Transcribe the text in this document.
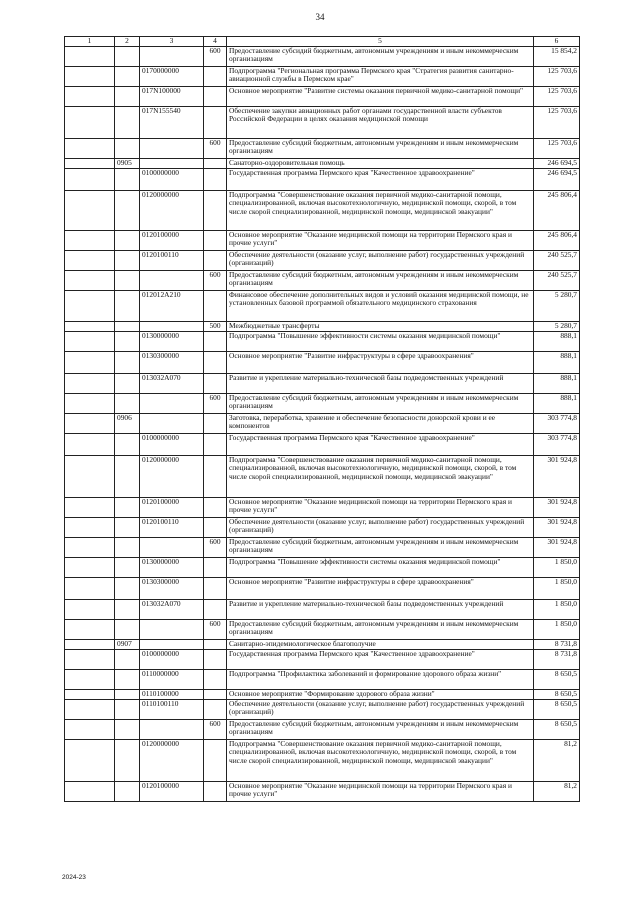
34
1	2	3	4	5	6
			600	Предоставление субсидий бюджетным, автономным учреждениям и иным некоммерческим организациям	15 854,2
		0170000000		Подпрограмма "Региональная программа Пермского края "Стратегия развития санитарно-авиационной службы в Пермском крае"	125 703,6
		017N100000		Основное мероприятие "Развитие системы оказания первичной медико-санитарной помощи"	125 703,6
		017N155540		Обеспечение закупки авиационных работ органами государственной власти субъектов Российской Федерации в целях оказания медицинской помощи	125 703,6
			600	Предоставление субсидий бюджетным, автономным учреждениям и иным некоммерческим организациям	125 703,6
	0905			Санаторно-оздоровительная помощь	246 694,5
		0100000000		Государственная программа Пермского края "Качественное здравоохранение"	246 694,5
		0120000000		Подпрограмма "Совершенствование оказания первичной медико-санитарной помощи, специализированной, включая высокотехнологичную, медицинской помощи, скорой, в том числе скорой специализированной, медицинской помощи, медицинской эвакуации"	245 806,4
		0120100000		Основное мероприятие "Оказание медицинской помощи на территории Пермского края и прочие услуги"	245 806,4
		0120100110		Обеспечение деятельности (оказание услуг, выполнение работ) государственных учреждений (организаций)	240 525,7
			600	Предоставление субсидий бюджетным, автономным учреждениям и иным некоммерческим организациям	240 525,7
		012012А210		Финансовое обеспечение дополнительных видов и условий оказания медицинской помощи, не установленных базовой программой обязательного медицинского страхования	5 280,7
			500	Межбюджетные трансферты	5 280,7
		0130000000		Подпрограмма "Повышение эффективности системы оказания медицинской помощи"	888,1
		0130300000		Основное мероприятие "Развитие инфраструктуры в сфере здравоохранения"	888,1
		013032А070		Развитие и укрепление материально-технической базы подведомственных учреждений	888,1
			600	Предоставление субсидий бюджетным, автономным учреждениям и иным некоммерческим организациям	888,1
	0906			Заготовка, переработка, хранение и обеспечение безопасности донорской крови и ее компонентов	303 774,8
		0100000000		Государственная программа Пермского края "Качественное здравоохранение"	303 774,8
		0120000000		Подпрограмма "Совершенствование оказания первичной медико-санитарной помощи, специализированной, включая высокотехнологичную, медицинской помощи, скорой, в том числе скорой специализированной, медицинской помощи, медицинской эвакуации"	301 924,8
		0120100000		Основное мероприятие "Оказание медицинской помощи на территории Пермского края и прочие услуги"	301 924,8
		0120100110		Обеспечение деятельности (оказание услуг, выполнение работ) государственных учреждений (организаций)	301 924,8
			600	Предоставление субсидий бюджетным, автономным учреждениям и иным некоммерческим организациям	301 924,8
		0130000000		Подпрограмма "Повышение эффективности системы оказания медицинской помощи"	1 850,0
		0130300000		Основное мероприятие "Развитие инфраструктуры в сфере здравоохранения"	1 850,0
		013032А070		Развитие и укрепление материально-технической базы подведомственных учреждений	1 850,0
			600	Предоставление субсидий бюджетным, автономным учреждениям и иным некоммерческим организациям	1 850,0
	0907			Санитарно-эпидемиологическое благополучие	8 731,8
		0100000000		Государственная программа Пермского края "Качественное здравоохранение"	8 731,8
		0110000000		Подпрограмма "Профилактика заболеваний и формирование здорового образа жизни"	8 650,5
		0110100000		Основное мероприятие "Формирование здорового образа жизни"	8 650,5
		0110100110		Обеспечение деятельности (оказание услуг, выполнение работ) государственных учреждений (организаций)	8 650,5
			600	Предоставление субсидий бюджетным, автономным учреждениям и иным некоммерческим организациям	8 650,5
		0120000000		Подпрограмма "Совершенствование оказания первичной медико-санитарной помощи, специализированной, включая высокотехнологичную, медицинской помощи, скорой, в том числе скорой специализированной, медицинской помощи, медицинской эвакуации"	81,2
		0120100000		Основное мероприятие "Оказание медицинской помощи на территории Пермского края и прочие услуги"	81,2
2024-23
